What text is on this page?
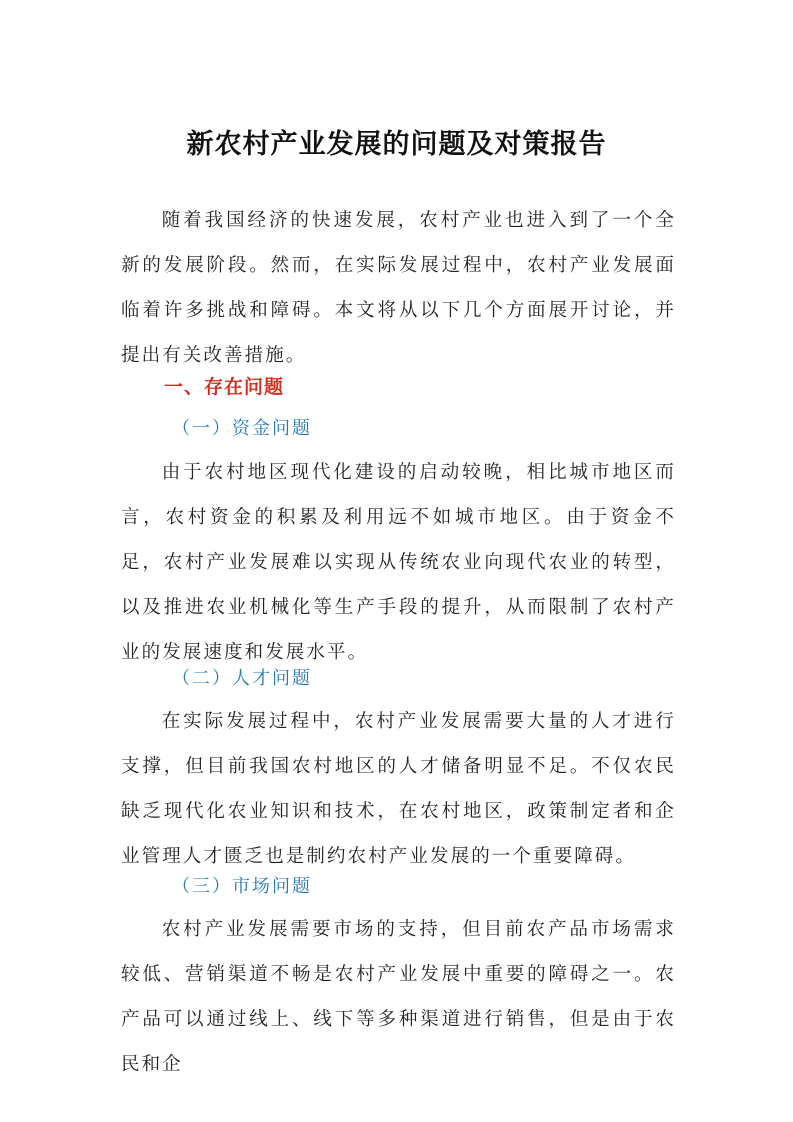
新农村产业发展的问题及对策报告

随着我国经济的快速发展，农村产业也进入到了一个全新的发展阶段。然而，在实际发展过程中，农村产业发展面临着许多挑战和障碍。本文将从以下几个方面展开讨论，并提出有关改善措施。

一、存在问题
（一）资金问题

由于农村地区现代化建设的启动较晚，相比城市地区而言，农村资金的积累及利用远不如城市地区。由于资金不足，农村产业发展难以实现从传统农业向现代农业的转型，以及推进农业机械化等生产手段的提升，从而限制了农村产业的发展速度和发展水平。

（二）人才问题

在实际发展过程中，农村产业发展需要大量的人才进行支撑，但目前我国农村地区的人才储备明显不足。不仅农民缺乏现代化农业知识和技术，在农村地区，政策制定者和企业管理人才匮乏也是制约农村产业发展的一个重要障碍。

（三）市场问题

农村产业发展需要市场的支持，但目前农产品市场需求较低、营销渠道不畅是农村产业发展中重要的障碍之一。农产品可以通过线上、线下等多种渠道进行销售，但是由于农民和企
